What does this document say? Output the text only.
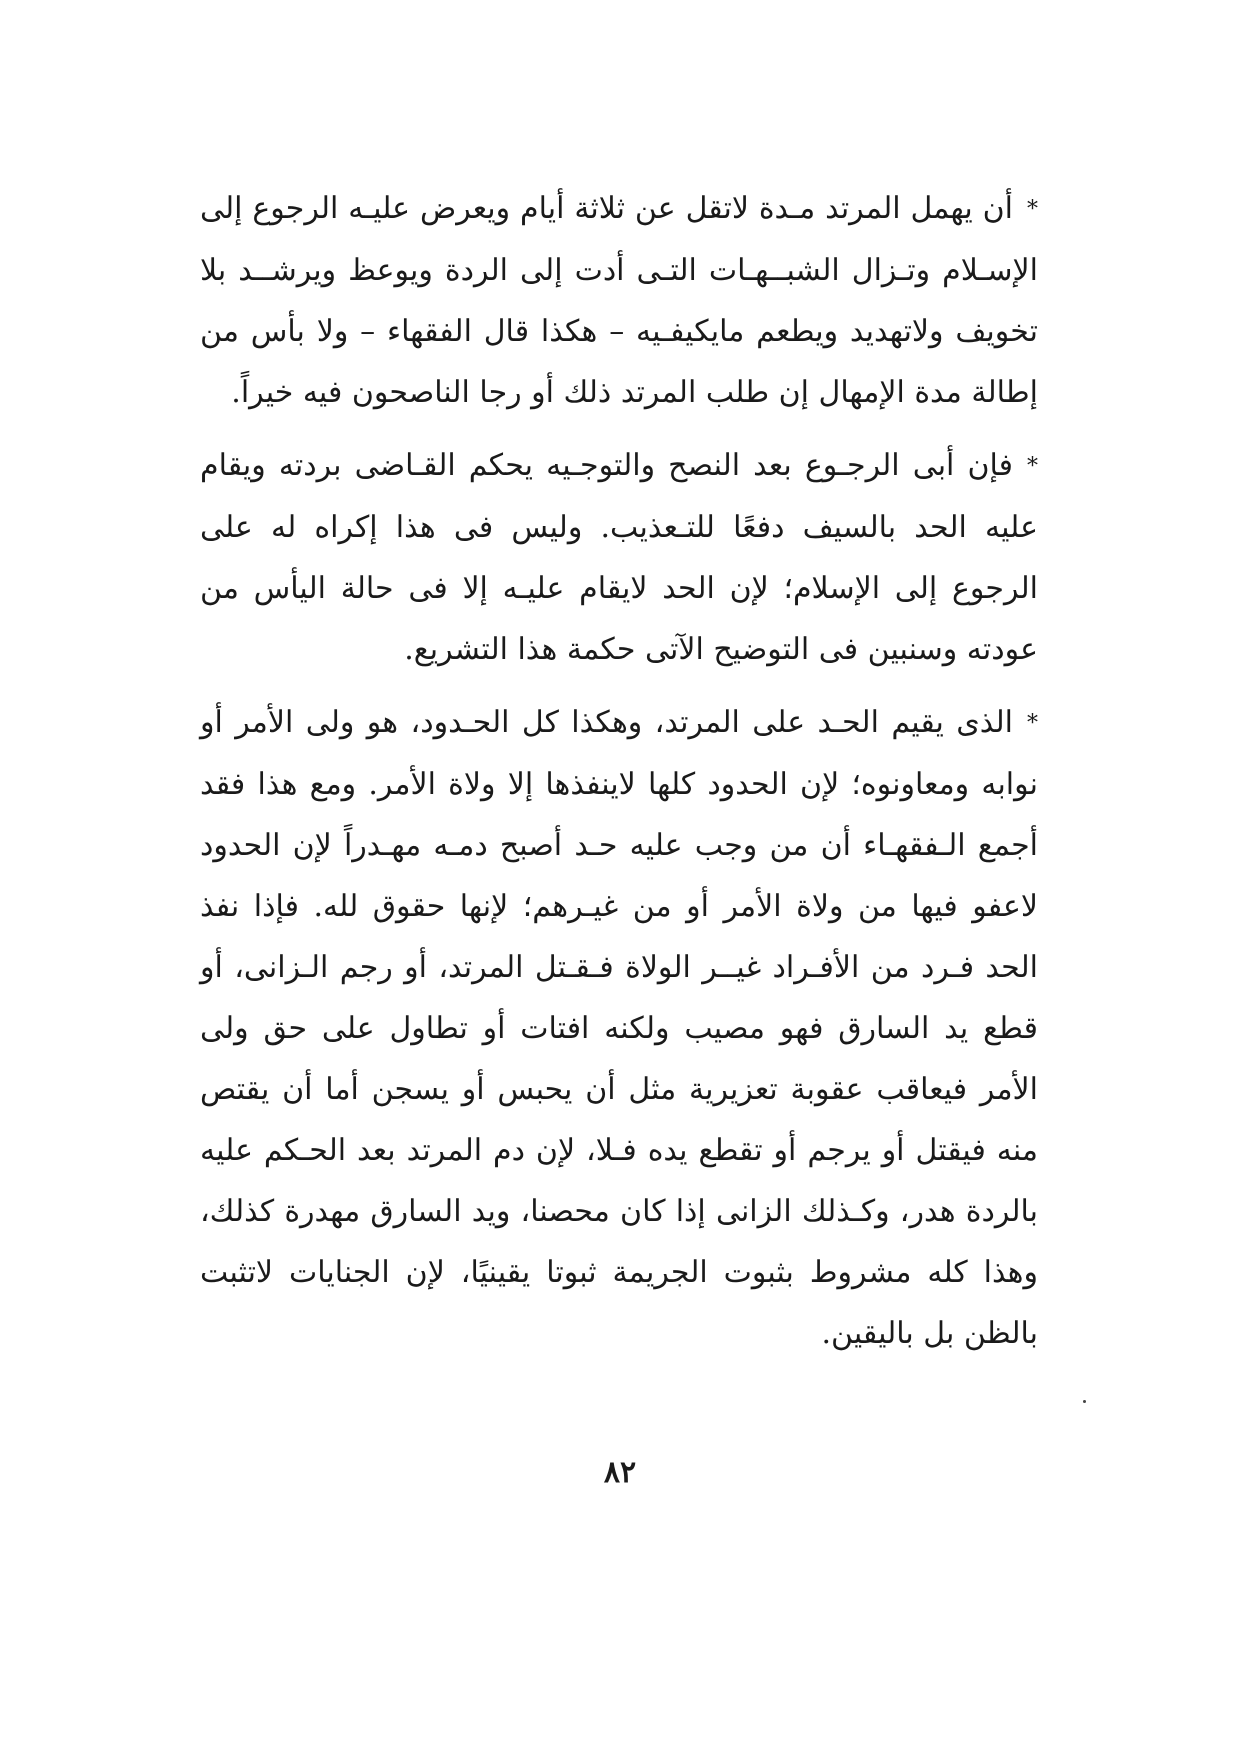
*أن يهمل المرتد مـدة لاتقل عن ثلاثة أيام ويعرض عليـه الرجوع إلى الإسـلام وتـزال الشبــهـات التـى أدت إلى الردة ويوعظ ويرشــد بلا تخويف ولاتهديد ويطعم مايكيفـيه – هكذا قال الفقهاء – ولا بأس من إطالة مدة الإمهال إن طلب المرتد ذلك أو رجا الناصحون فيه خيراً.

*فإن أبى الرجـوع بعد النصح والتوجـيه يحكم القـاضى بردته ويقام عليه الحد بالسيف دفعًا للتـعذيب. وليس فى هذا إكراه له على الرجوع إلى الإسلام؛ لإن الحد لايقام عليـه إلا فى حالة اليأس من عودته وسنبين فى التوضيح الآتى حكمة هذا التشريع.

*الذى يقيم الحـد على المرتد، وهكذا كل الحـدود، هو ولى الأمر أو نوابه ومعاونوه؛ لإن الحدود كلها لاينفذها إلا ولاة الأمر. ومع هذا فقد أجمع الـفقهـاء أن من وجب عليه حـد أصبح دمـه مهـدراً لإن الحدود لاعفو فيها من ولاة الأمر أو من غيـرهم؛ لإنها حقوق لله. فإذا نفذ الحد فـرد من الأفـراد غيــر الولاة فـقـتل المرتد، أو رجم الـزانى، أو قطع يد السارق فهو مصيب ولكنه افتات أو تطاول على حق ولى الأمر فيعاقب عقوبة تعزيرية مثل أن يحبس أو يسجن أما أن يقتص منه فيقتل أو يرجم أو تقطع يده فـلا، لإن دم المرتد بعد الحـكم عليه بالردة هدر، وكـذلك الزانى إذا كان محصنا، ويد السارق مهدرة كذلك، وهذا كله مشروط بثبوت الجريمة ثبوتا يقينيًا، لإن الجنايات لاتثبت بالظن بل باليقين.

٨٢
